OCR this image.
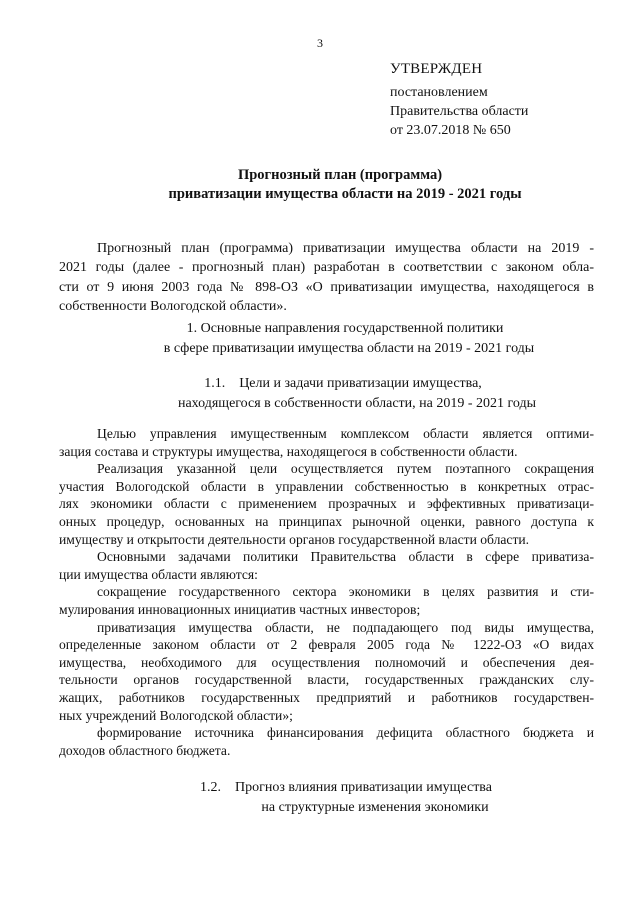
3
УТВЕРЖДЕН
постановлением
Правительства области
от 23.07.2018 № 650
Прогнозный план (программа)
приватизации имущества области на 2019 - 2021 годы
Прогнозный план (программа) приватизации имущества области на 2019 -
2021 годы (далее - прогнозный план) разработан в соответствии с законом обла-
сти от 9 июня 2003 года № 898-ОЗ «О приватизации имущества, находящегося в
собственности Вологодской области».
1. Основные направления государственной политики
в сфере приватизации имущества области на 2019 - 2021 годы
1.1.    Цели и задачи приватизации имущества,
находящегося в собственности области, на 2019 - 2021 годы
Целью управления имущественным комплексом области является оптими-
зация состава и структуры имущества, находящегося в собственности области.
Реализация указанной цели осуществляется путем поэтапного сокращения
участия Вологодской области в управлении собственностью в конкретных отрас-
лях экономики области с применением прозрачных и эффективных приватизаци-
онных процедур, основанных на принципах рыночной оценки, равного доступа к
имуществу и открытости деятельности органов государственной власти области.
Основными задачами политики Правительства области в сфере приватиза-
ции имущества области являются:
сокращение государственного сектора экономики в целях развития и сти-
мулирования инновационных инициатив частных инвесторов;
приватизация имущества области, не подпадающего под виды имущества,
определенные законом области от 2 февраля 2005 года № 1222-ОЗ «О видах
имущества, необходимого для осуществления полномочий и обеспечения дея-
тельности органов государственной власти, государственных гражданских слу-
жащих, работников государственных предприятий и работников государствен-
ных учреждений Вологодской области»;
формирование источника финансирования дефицита областного бюджета и
доходов областного бюджета.
1.2.    Прогноз влияния приватизации имущества
на структурные изменения экономики
